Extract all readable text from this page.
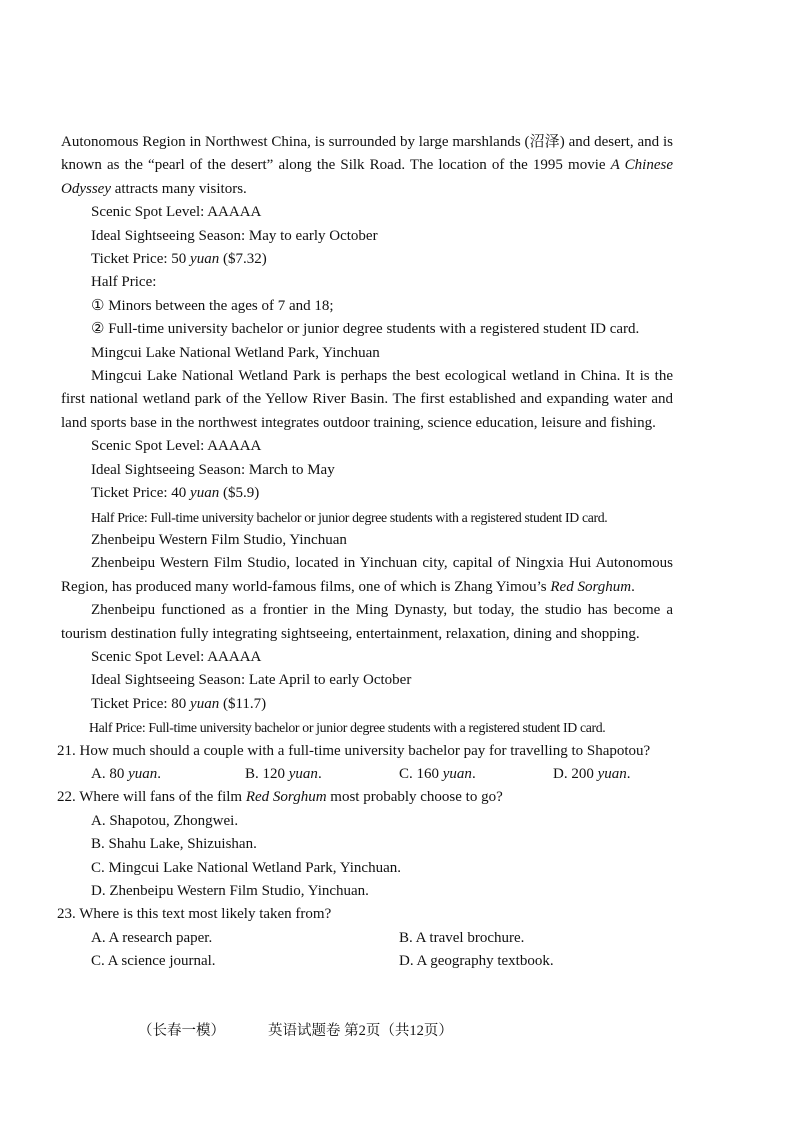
Autonomous Region in Northwest China, is surrounded by large marshlands (沼泽) and desert, and is known as the “pearl of the desert” along the Silk Road. The location of the 1995 movie A Chinese Odyssey attracts many visitors.

Scenic Spot Level: AAAAA

Ideal Sightseeing Season: May to early October

Ticket Price: 50 yuan ($7.32)

Half Price:

① Minors between the ages of 7 and 18;

② Full-time university bachelor or junior degree students with a registered student ID card.

Mingcui Lake National Wetland Park, Yinchuan

Mingcui Lake National Wetland Park is perhaps the best ecological wetland in China. It is the first national wetland park of the Yellow River Basin. The first established and expanding water and land sports base in the northwest integrates outdoor training, science education, leisure and fishing.

Scenic Spot Level: AAAAA

Ideal Sightseeing Season: March to May

Ticket Price: 40 yuan ($5.9)

Half Price: Full-time university bachelor or junior degree students with a registered student ID card.

Zhenbeipu Western Film Studio, Yinchuan

Zhenbeipu Western Film Studio, located in Yinchuan city, capital of Ningxia Hui Autonomous Region, has produced many world-famous films, one of which is Zhang Yimou’s Red Sorghum.

Zhenbeipu functioned as a frontier in the Ming Dynasty, but today, the studio has become a tourism destination fully integrating sightseeing, entertainment, relaxation, dining and shopping.

Scenic Spot Level: AAAAA

Ideal Sightseeing Season: Late April to early October

Ticket Price: 80 yuan ($11.7)

Half Price: Full-time university bachelor or junior degree students with a registered student ID card.

21. How much should a couple with a full-time university bachelor pay for travelling to Shapotou?

A. 80 yuan.	B. 120 yuan.	C. 160 yuan.	D. 200 yuan.

22. Where will fans of the film Red Sorghum most probably choose to go?

A. Shapotou, Zhongwei.
B. Shahu Lake, Shizuishan.
C. Mingcui Lake National Wetland Park, Yinchuan.
D. Zhenbeipu Western Film Studio, Yinchuan.

23. Where is this text most likely taken from?

A. A research paper.	B. A travel brochure.
C. A science journal.	D. A geography textbook.
（长春一模）	英语试题卷 第2页（共12页）
